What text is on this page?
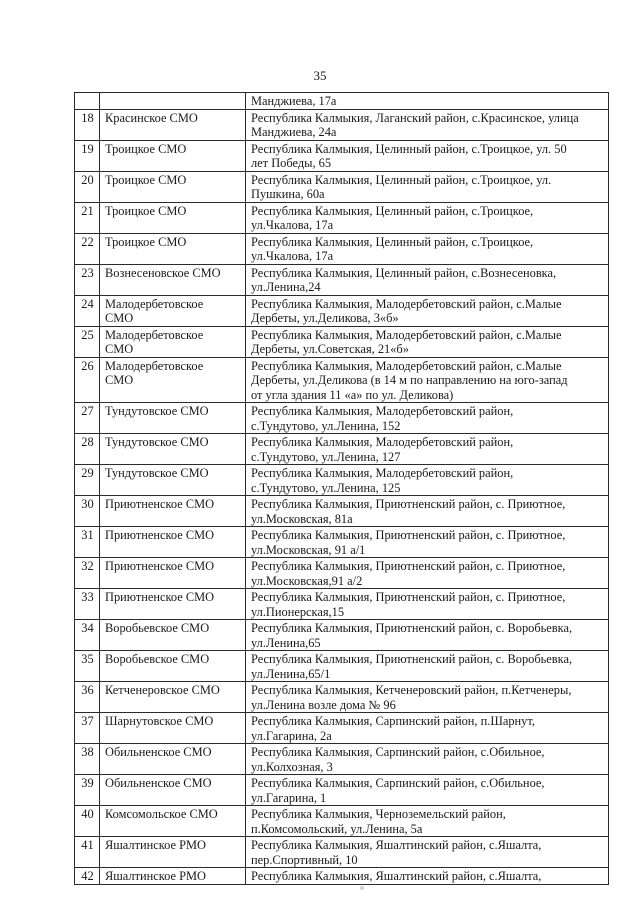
35

		Манджиева, 17а

18	Красинское СМО	Республика Калмыкия, Лаганский район, с.Красинское, улица
Манджиева, 24а

19	Троицкое СМО	Республика Калмыкия, Целинный район, с.Троицкое, ул. 50
лет Победы, 65

20	Троицкое СМО	Республика Калмыкия, Целинный район, с.Троицкое, ул.
Пушкина, 60а

21	Троицкое СМО	Республика Калмыкия, Целинный район, с.Троицкое,
ул.Чкалова, 17а

22	Троицкое СМО	Республика Калмыкия, Целинный район, с.Троицкое,
ул.Чкалова, 17а

23	Вознесеновское СМО	Республика Калмыкия, Целинный район, с.Вознесеновка,
ул.Ленина,24

24	Малодербетовское
СМО	Республика Калмыкия, Малодербетовский район, с.Малые
Дербеты, ул.Деликова, 3«б»

25	Малодербетовское
СМО	Республика Калмыкия, Малодербетовский район, с.Малые
Дербеты, ул.Советская, 21«б»

26	Малодербетовское
СМО	Республика Калмыкия, Малодербетовский район, с.Малые
Дербеты, ул.Деликова (в 14 м по направлению на юго-запад
от угла здания 11 «а» по ул. Деликова)

27	Тундутовское СМО	Республика Калмыкия, Малодербетовский район,
с.Тундутово, ул.Ленина, 152

28	Тундутовское СМО	Республика Калмыкия, Малодербетовский район,
с.Тундутово, ул.Ленина, 127

29	Тундутовское СМО	Республика Калмыкия, Малодербетовский район,
с.Тундутово, ул.Ленина, 125

30	Приютненское СМО	Республика Калмыкия, Приютненский район, с. Приютное,
ул.Московская, 81а

31	Приютненское СМО	Республика Калмыкия, Приютненский район, с. Приютное,
ул.Московская, 91 а/1

32	Приютненское СМО	Республика Калмыкия, Приютненский район, с. Приютное,
ул.Московская,91 а/2

33	Приютненское СМО	Республика Калмыкия, Приютненский район, с. Приютное,
ул.Пионерская,15

34	Воробьевское СМО	Республика Калмыкия, Приютненский район, с. Воробьевка,
ул.Ленина,65

35	Воробьевское СМО	Республика Калмыкия, Приютненский район, с. Воробьевка,
ул.Ленина,65/1

36	Кетченеровское СМО	Республика Калмыкия, Кетченеровский район, п.Кетченеры,
ул.Ленина возле дома № 96

37	Шарнутовское СМО	Республика Калмыкия, Сарпинский район, п.Шарнут,
ул.Гагарина, 2а

38	Обильненское СМО	Республика Калмыкия, Сарпинский район, с.Обильное,
ул.Колхозная, 3

39	Обильненское СМО	Республика Калмыкия, Сарпинский район, с.Обильное,
ул.Гагарина, 1

40	Комсомольское СМО	Республика Калмыкия, Черноземельский район,
п.Комсомольский, ул.Ленина, 5а

41	Яшалтинское РМО	Республика Калмыкия, Яшалтинский район, с.Яшалта,
пер.Спортивный, 10

42	Яшалтинское РМО	Республика Калмыкия, Яшалтинский район, с.Яшалта,
